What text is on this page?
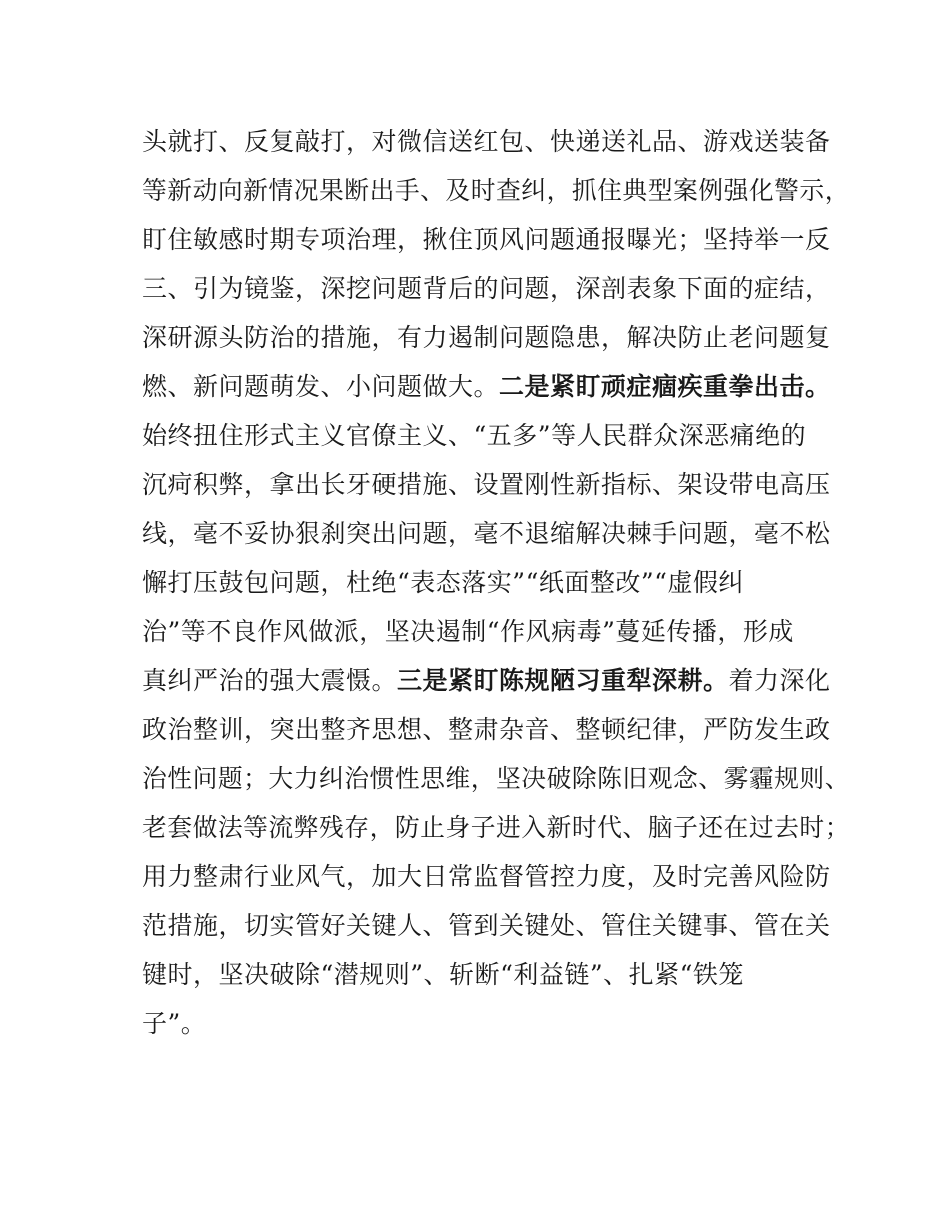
头就打、反复敲打，对微信送红包、快递送礼品、游戏送装备
等新动向新情况果断出手、及时查纠，抓住典型案例强化警示，
盯住敏感时期专项治理，揪住顶风问题通报曝光；坚持举一反
三、引为镜鉴，深挖问题背后的问题，深剖表象下面的症结，
深研源头防治的措施，有力遏制问题隐患，解决防止老问题复
燃、新问题萌发、小问题做大。二是紧盯顽症痼疾重拳出击。
始终扭住形式主义官僚主义、“五多”等人民群众深恶痛绝的
沉疴积弊，拿出长牙硬措施、设置刚性新指标、架设带电高压
线，毫不妥协狠刹突出问题，毫不退缩解决棘手问题，毫不松
懈打压鼓包问题，杜绝“表态落实”“纸面整改”“虚假纠
治”等不良作风做派，坚决遏制“作风病毒”蔓延传播，形成
真纠严治的强大震慑。三是紧盯陈规陋习重犁深耕。着力深化
政治整训，突出整齐思想、整肃杂音、整顿纪律，严防发生政
治性问题；大力纠治惯性思维，坚决破除陈旧观念、雾霾规则、
老套做法等流弊残存，防止身子进入新时代、脑子还在过去时；
用力整肃行业风气，加大日常监督管控力度，及时完善风险防
范措施，切实管好关键人、管到关键处、管住关键事、管在关
键时，坚决破除“潜规则”、斩断“利益链”、扎紧“铁笼
子”。
